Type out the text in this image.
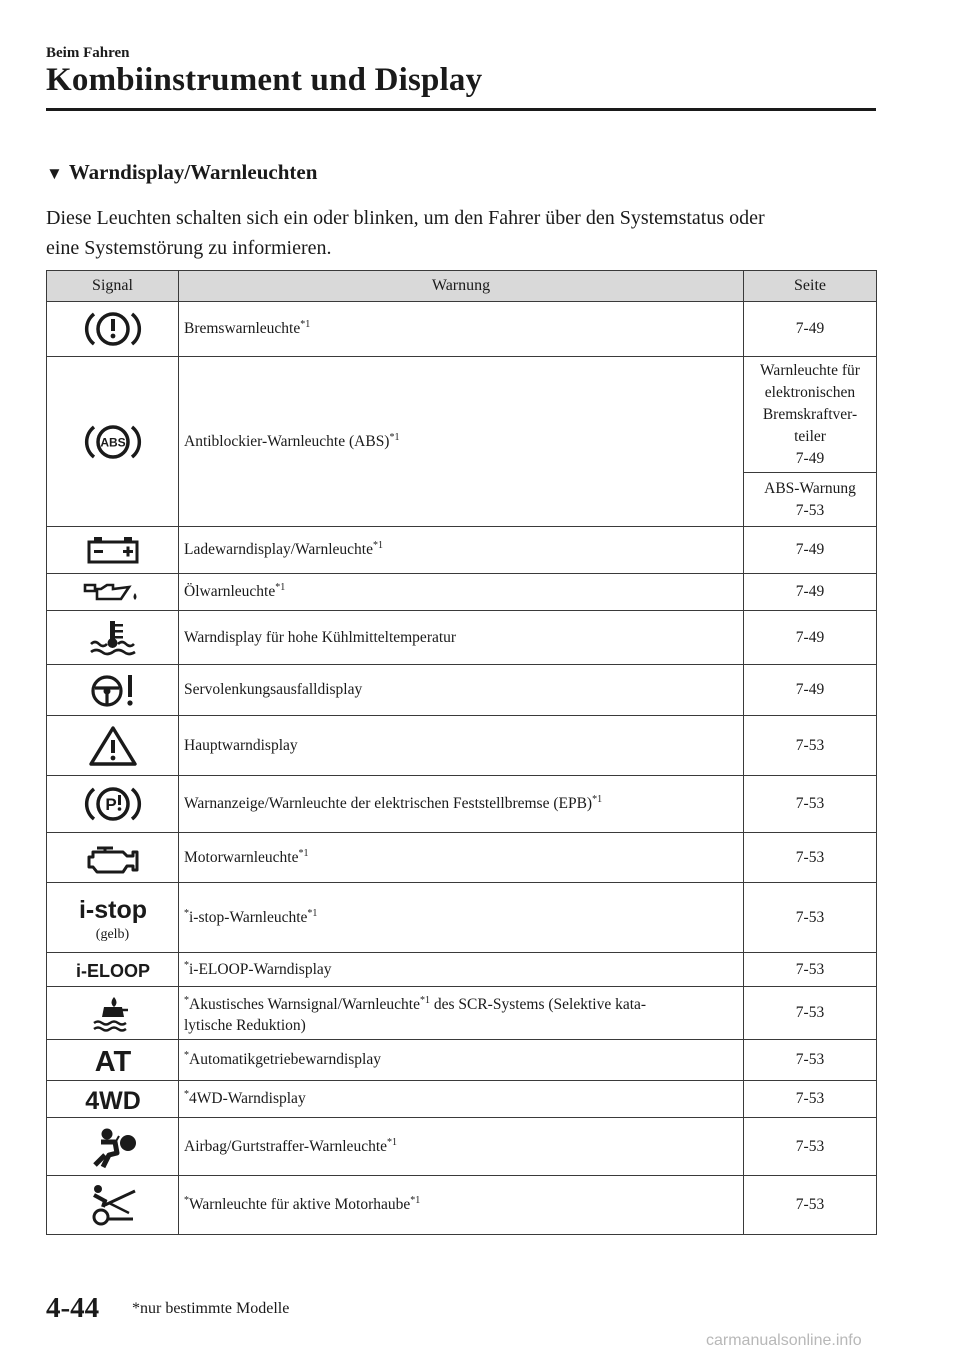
Beim Fahren
Kombiinstrument und Display
▼ Warndisplay/Warnleuchten
Diese Leuchten schalten sich ein oder blinken, um den Fahrer über den Systemstatus oder
eine Systemstörung zu informieren.
Signal	Warnung	Seite

	Bremswarnleuchte$^{*1}$	7-49

ABS	Antiblockier-Warnleuchte (ABS)$^{*1}$	Warnleuchte für
elektronischen
Bremskraftver-
teiler
7-49
		ABS-Warnung
7-53

	Ladewarndisplay/Warnleuchte$^{*1}$	7-49

	Ölwarnleuchte$^{*1}$	7-49

	Warndisplay für hohe Kühlmitteltemperatur	7-49

	Servolenkungsausfalldisplay	7-49

	Hauptwarndisplay	7-53

P	Warnanzeige/Warnleuchte der elektrischen Feststellbremse (EPB)$^{*1}$	7-53

	Motorwarnleuchte$^{*1}$	7-53

i-stop
(gelb)	*i-stop-Warnleuchte$^{*1}$	7-53

i-ELOOP	*i-ELOOP-Warndisplay	7-53

	*Akustisches Warnsignal/Warnleuchte$^{*1}$ des SCR-Systems (Selektive kata-
lytische Reduktion)	7-53

AT	*Automatikgetriebewarndisplay	7-53

4WD	*4WD-Warndisplay	7-53

	Airbag/Gurtstraffer-Warnleuchte$^{*1}$	7-53

	*Warnleuchte für aktive Motorhaube$^{*1}$	7-53
4-44 *nur bestimmte Modelle
carmanualsonline.info
